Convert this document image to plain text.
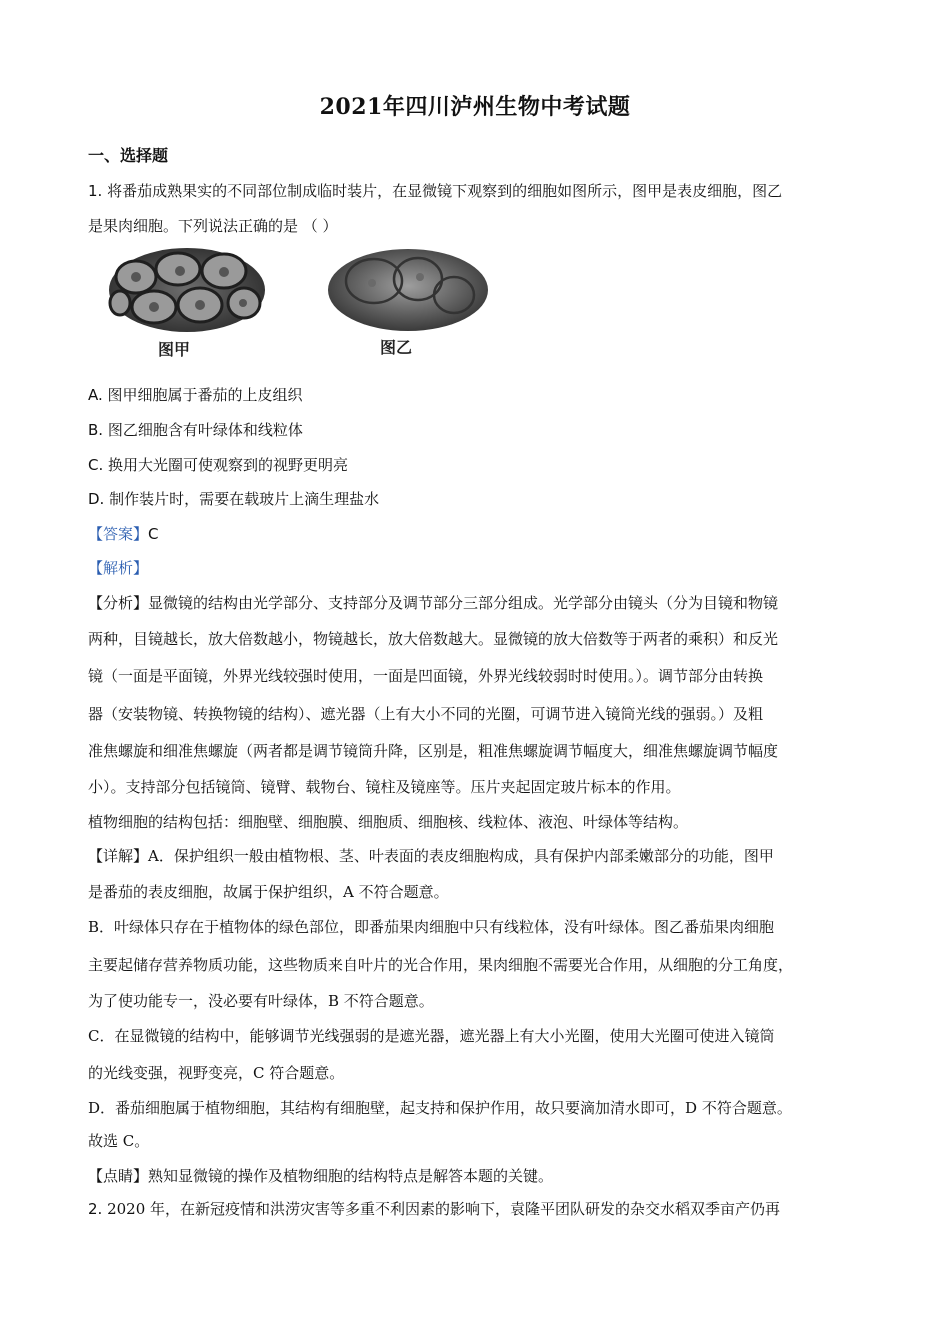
2021年四川泸州生物中考试题
一、选择题
1. 将番茄成熟果实的不同部位制成临时装片，在显微镜下观察到的细胞如图所示，图甲是表皮细胞，图乙
是果肉细胞。下列说法正确的是 （ ）
图甲	图乙
A. 图甲细胞属于番茄的上皮组织
B. 图乙细胞含有叶绿体和线粒体
C. 换用大光圈可使观察到的视野更明亮
D. 制作装片时，需要在载玻片上滴生理盐水
【答案】C
【解析】
【分析】显微镜的结构由光学部分、支持部分及调节部分三部分组成。光学部分由镜头（分为目镜和物镜
两种，目镜越长，放大倍数越小，物镜越长，放大倍数越大。显微镜的放大倍数等于两者的乘积）和反光
镜（一面是平面镜，外界光线较强时使用，一面是凹面镜，外界光线较弱时时使用。）。调节部分由转换
器（安装物镜、转换物镜的结构）、遮光器（上有大小不同的光圈，可调节进入镜筒光线的强弱。）及粗
准焦螺旋和细准焦螺旋（两者都是调节镜筒升降，区别是，粗准焦螺旋调节幅度大，细准焦螺旋调节幅度
小）。支持部分包括镜筒、镜臂、载物台、镜柱及镜座等。压片夹起固定玻片标本的作用。
植物细胞的结构包括：细胞壁、细胞膜、细胞质、细胞核、线粒体、液泡、叶绿体等结构。
【详解】A．保护组织一般由植物根、茎、叶表面的表皮细胞构成，具有保护内部柔嫩部分的功能，图甲
是番茄的表皮细胞，故属于保护组织，A 不符合题意。
B．叶绿体只存在于植物体的绿色部位，即番茄果肉细胞中只有线粒体，没有叶绿体。图乙番茄果肉细胞
主要起储存营养物质功能，这些物质来自叶片的光合作用，果肉细胞不需要光合作用，从细胞的分工角度，
为了使功能专一，没必要有叶绿体，B 不符合题意。
C．在显微镜的结构中，能够调节光线强弱的是遮光器，遮光器上有大小光圈，使用大光圈可使进入镜筒
的光线变强，视野变亮，C 符合题意。
D．番茄细胞属于植物细胞，其结构有细胞壁，起支持和保护作用，故只要滴加清水即可，D 不符合题意。
故选 C。
【点睛】熟知显微镜的操作及植物细胞的结构特点是解答本题的关键。
2. 2020 年，在新冠疫情和洪涝灾害等多重不利因素的影响下，袁隆平团队研发的杂交水稻双季亩产仍再
